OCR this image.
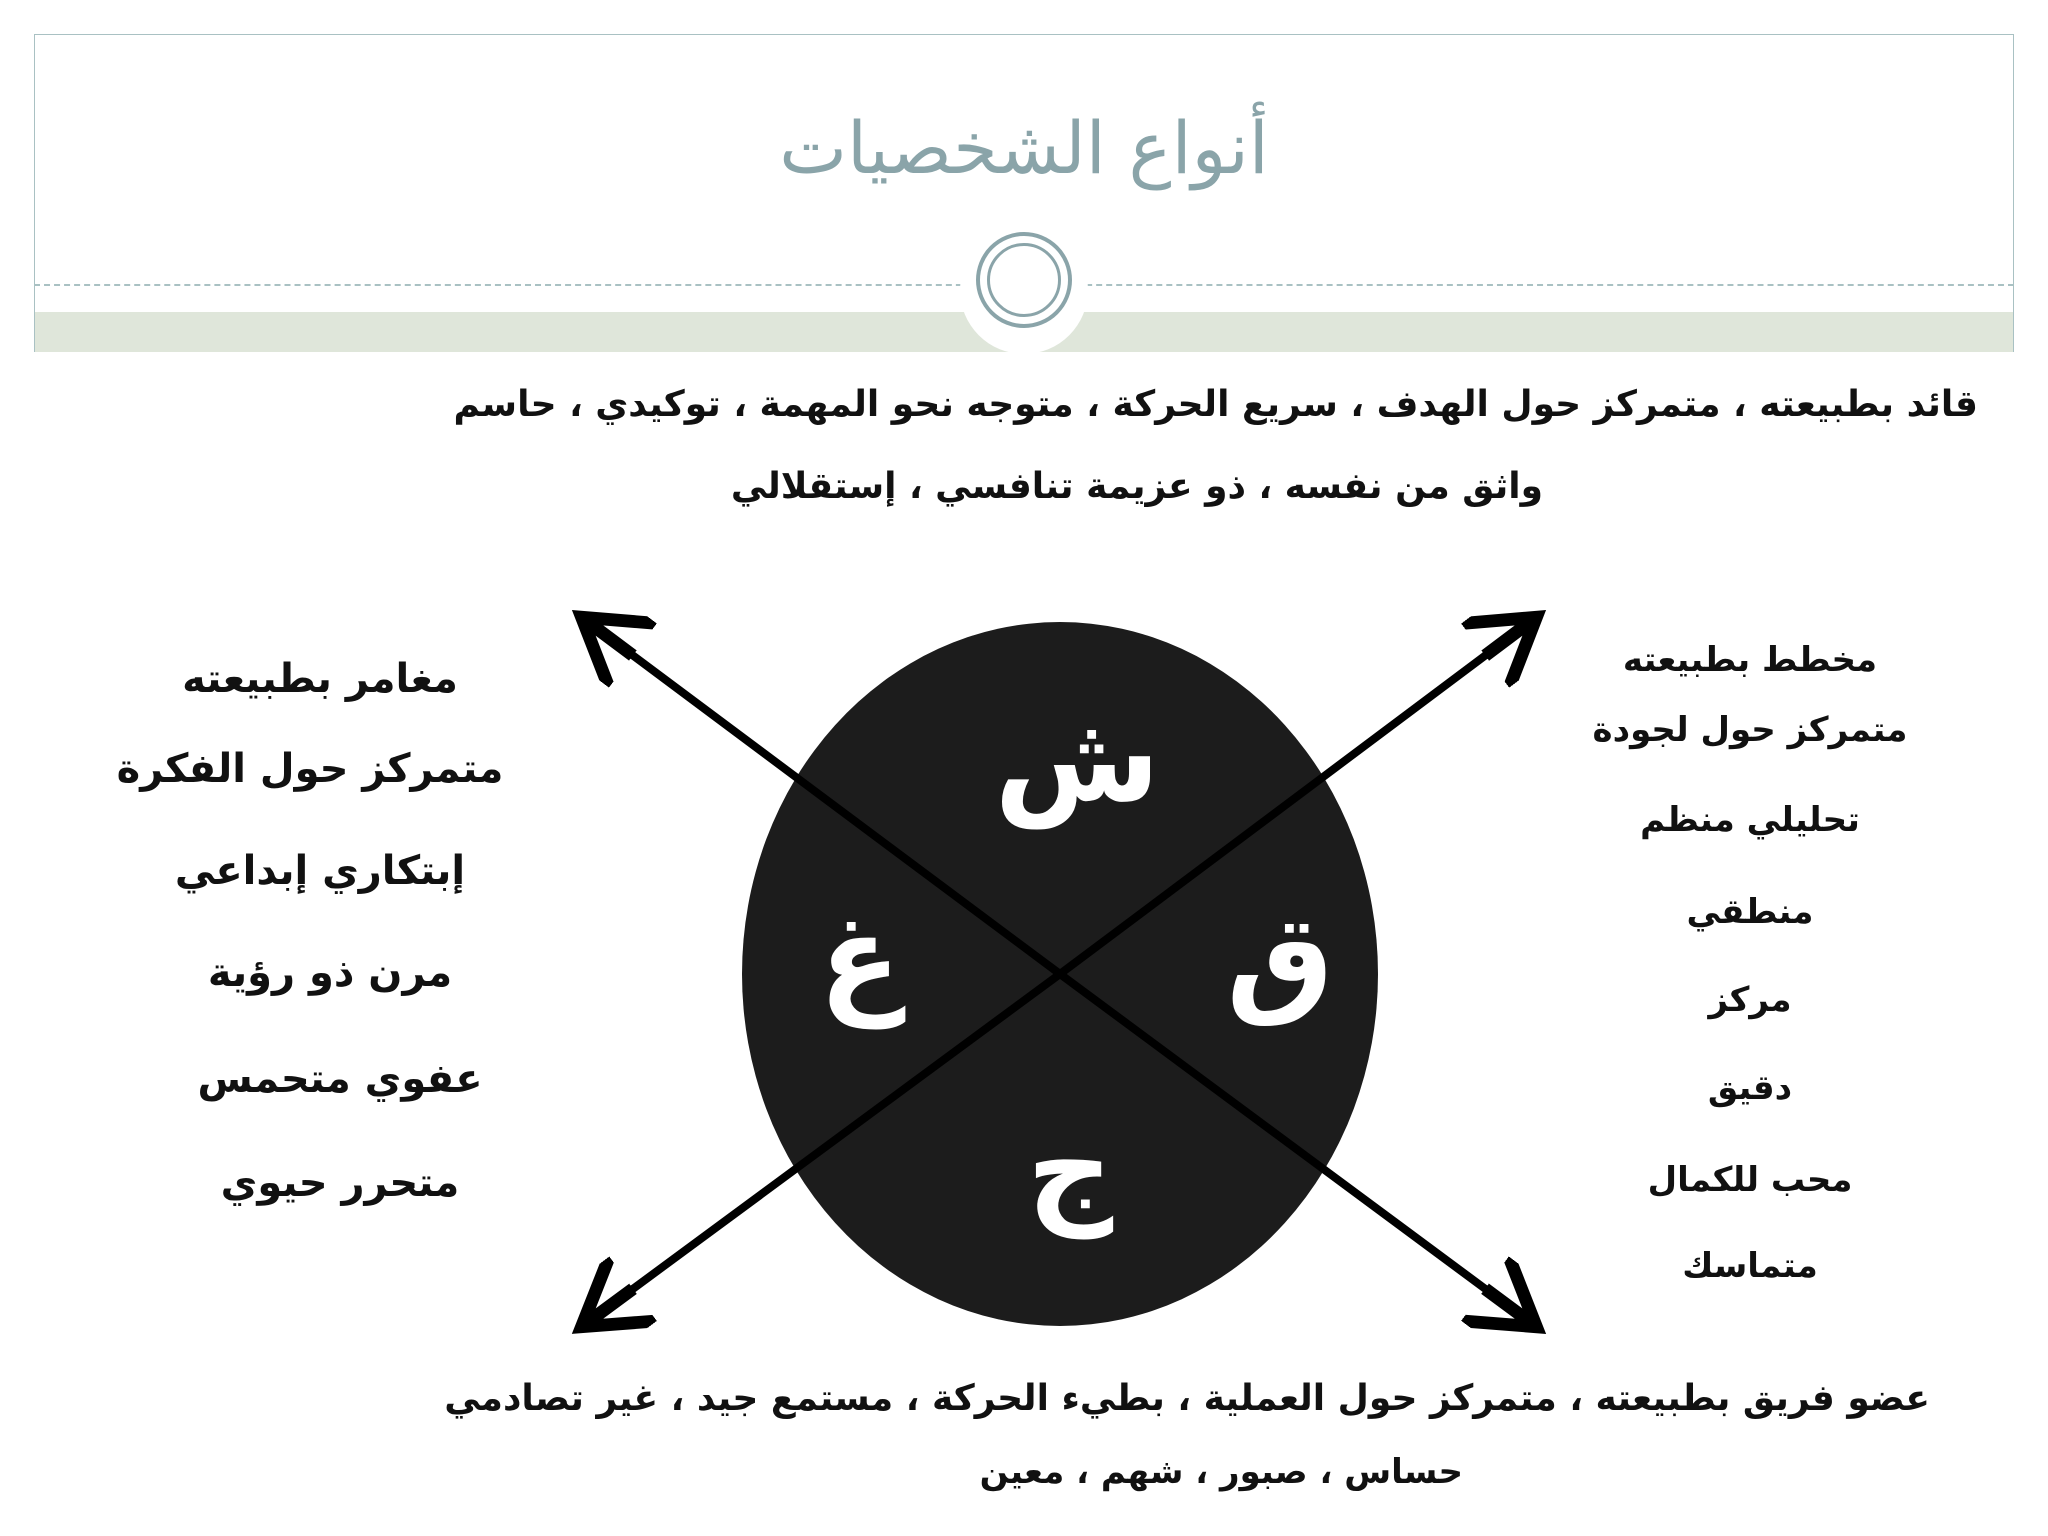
أنواع الشخصيات
قائد بطبيعته ، متمركز حول الهدف ، سريع الحركة ، متوجه نحو المهمة ، توكيدي ، حاسم
واثق من نفسه ، ذو عزيمة تنافسي ، إستقلالي
ش
غ	ق
ج
مغامر بطبيعته
متمركز حول الفكرة
إبتكاري إبداعي
مرن ذو رؤية
عفوي متحمس
متحرر حيوي
مخطط بطبيعته
متمركز حول لجودة
تحليلي منظم
منطقي
مركز
دقيق
محب للكمال
متماسك
عضو فريق بطبيعته ، متمركز حول العملية ، بطيء الحركة ، مستمع جيد ، غير تصادمي
حساس ، صبور ، شهم ، معين
